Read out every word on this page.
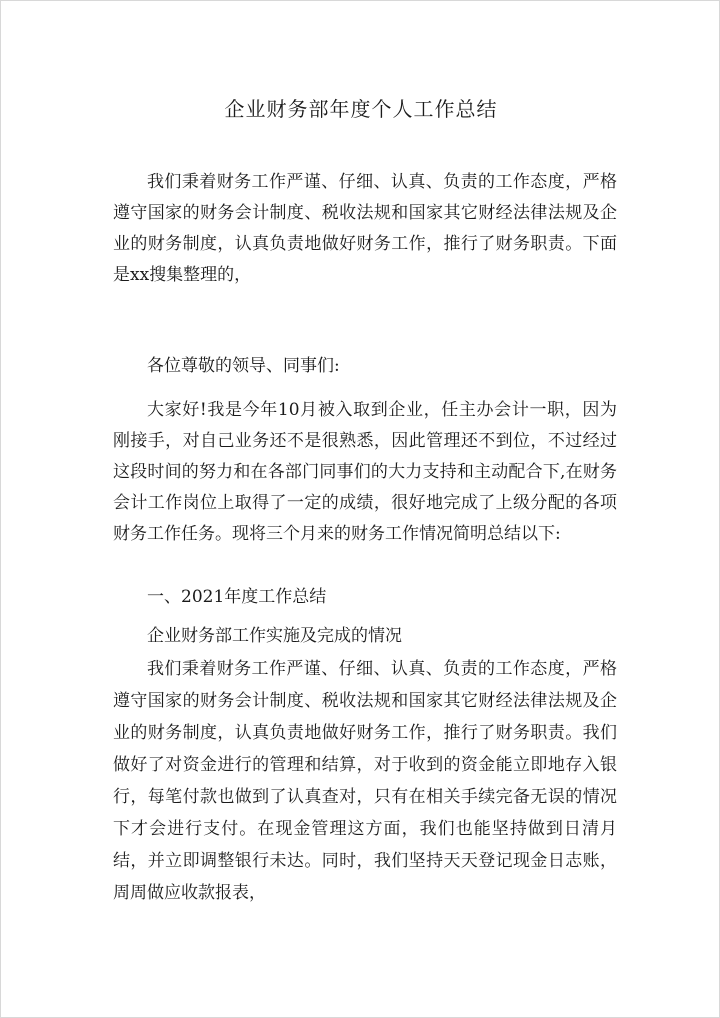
企业财务部年度个人工作总结

我们秉着财务工作严谨、仔细、认真、负责的工作态度，严格遵守国家的财务会计制度、税收法规和国家其它财经法律法规及企业的财务制度，认真负责地做好财务工作，推行了财务职责。下面是xx搜集整理的，

各位尊敬的领导、同事们:

大家好!我是今年10月被入取到企业，任主办会计一职，因为刚接手，对自己业务还不是很熟悉，因此管理还不到位，不过经过这段时间的努力和在各部门同事们的大力支持和主动配合下,在财务会计工作岗位上取得了一定的成绩，很好地完成了上级分配的各项财务工作任务。现将三个月来的财务工作情况简明总结以下:

一、2021年度工作总结

企业财务部工作实施及完成的情况

我们秉着财务工作严谨、仔细、认真、负责的工作态度，严格遵守国家的财务会计制度、税收法规和国家其它财经法律法规及企业的财务制度，认真负责地做好财务工作，推行了财务职责。我们做好了对资金进行的管理和结算，对于收到的资金能立即地存入银行，每笔付款也做到了认真查对，只有在相关手续完备无误的情况下才会进行支付。在现金管理这方面，我们也能坚持做到日清月结，并立即调整银行未达。同时，我们坚持天天登记现金日志账，周周做应收款报表，
